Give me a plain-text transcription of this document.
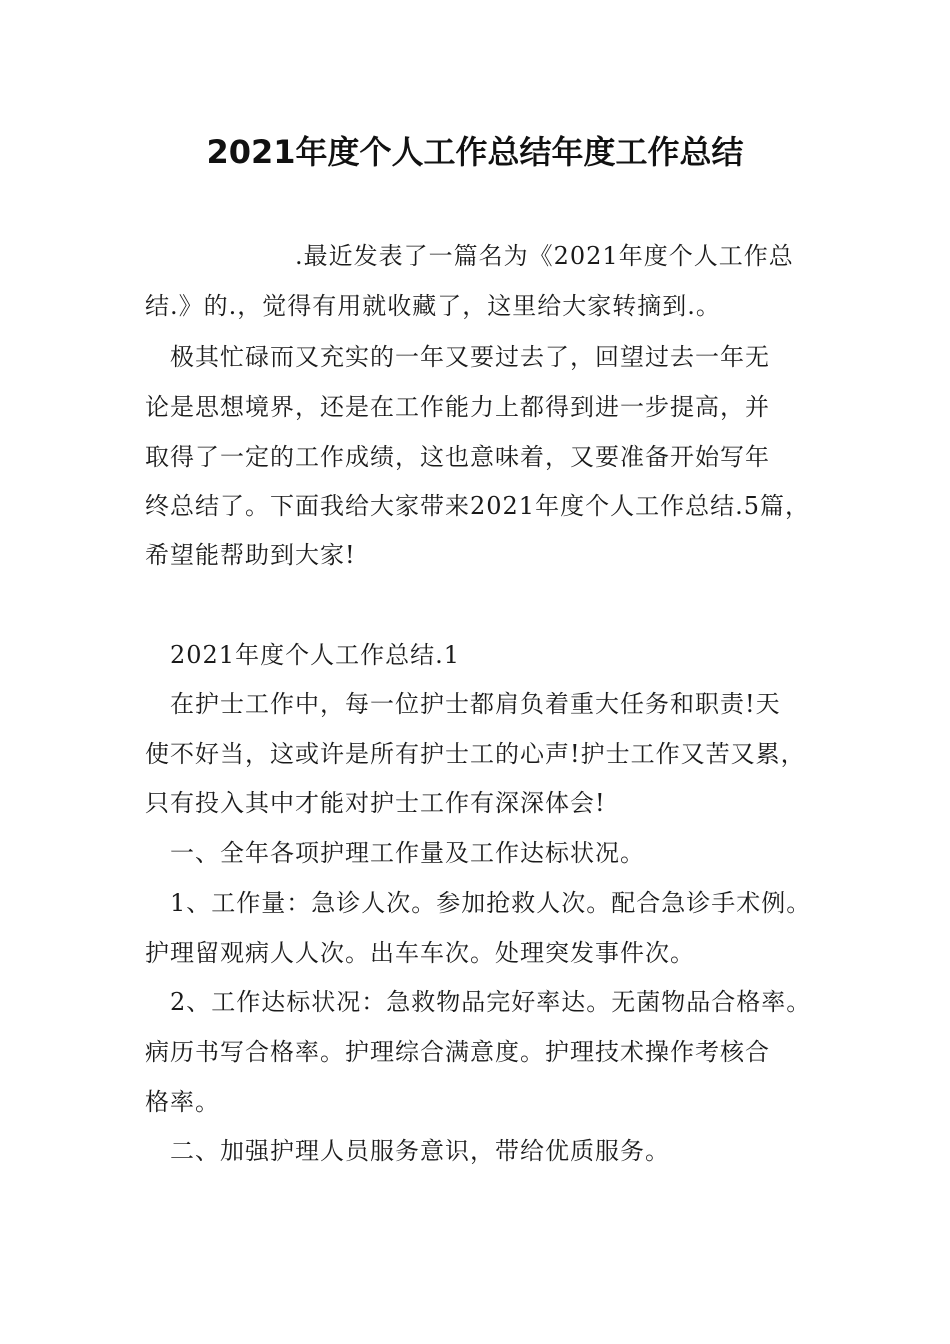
2021年度个人工作总结年度工作总结
　　　　　　.最近发表了一篇名为《2021年度个人工作总
结.》的.，觉得有用就收藏了，这里给大家转摘到.。
　极其忙碌而又充实的一年又要过去了，回望过去一年无
论是思想境界，还是在工作能力上都得到进一步提高，并
取得了一定的工作成绩，这也意味着，又要准备开始写年
终总结了。下面我给大家带来2021年度个人工作总结.5篇，
希望能帮助到大家!
　2021年度个人工作总结.1
　在护士工作中，每一位护士都肩负着重大任务和职责!天
使不好当，这或许是所有护士工的心声!护士工作又苦又累，
只有投入其中才能对护士工作有深深体会!
　一、全年各项护理工作量及工作达标状况。
　1、工作量：急诊人次。参加抢救人次。配合急诊手术例。
护理留观病人人次。出车车次。处理突发事件次。
　2、工作达标状况：急救物品完好率达。无菌物品合格率。
病历书写合格率。护理综合满意度。护理技术操作考核合
格率。
　二、加强护理人员服务意识，带给优质服务。
